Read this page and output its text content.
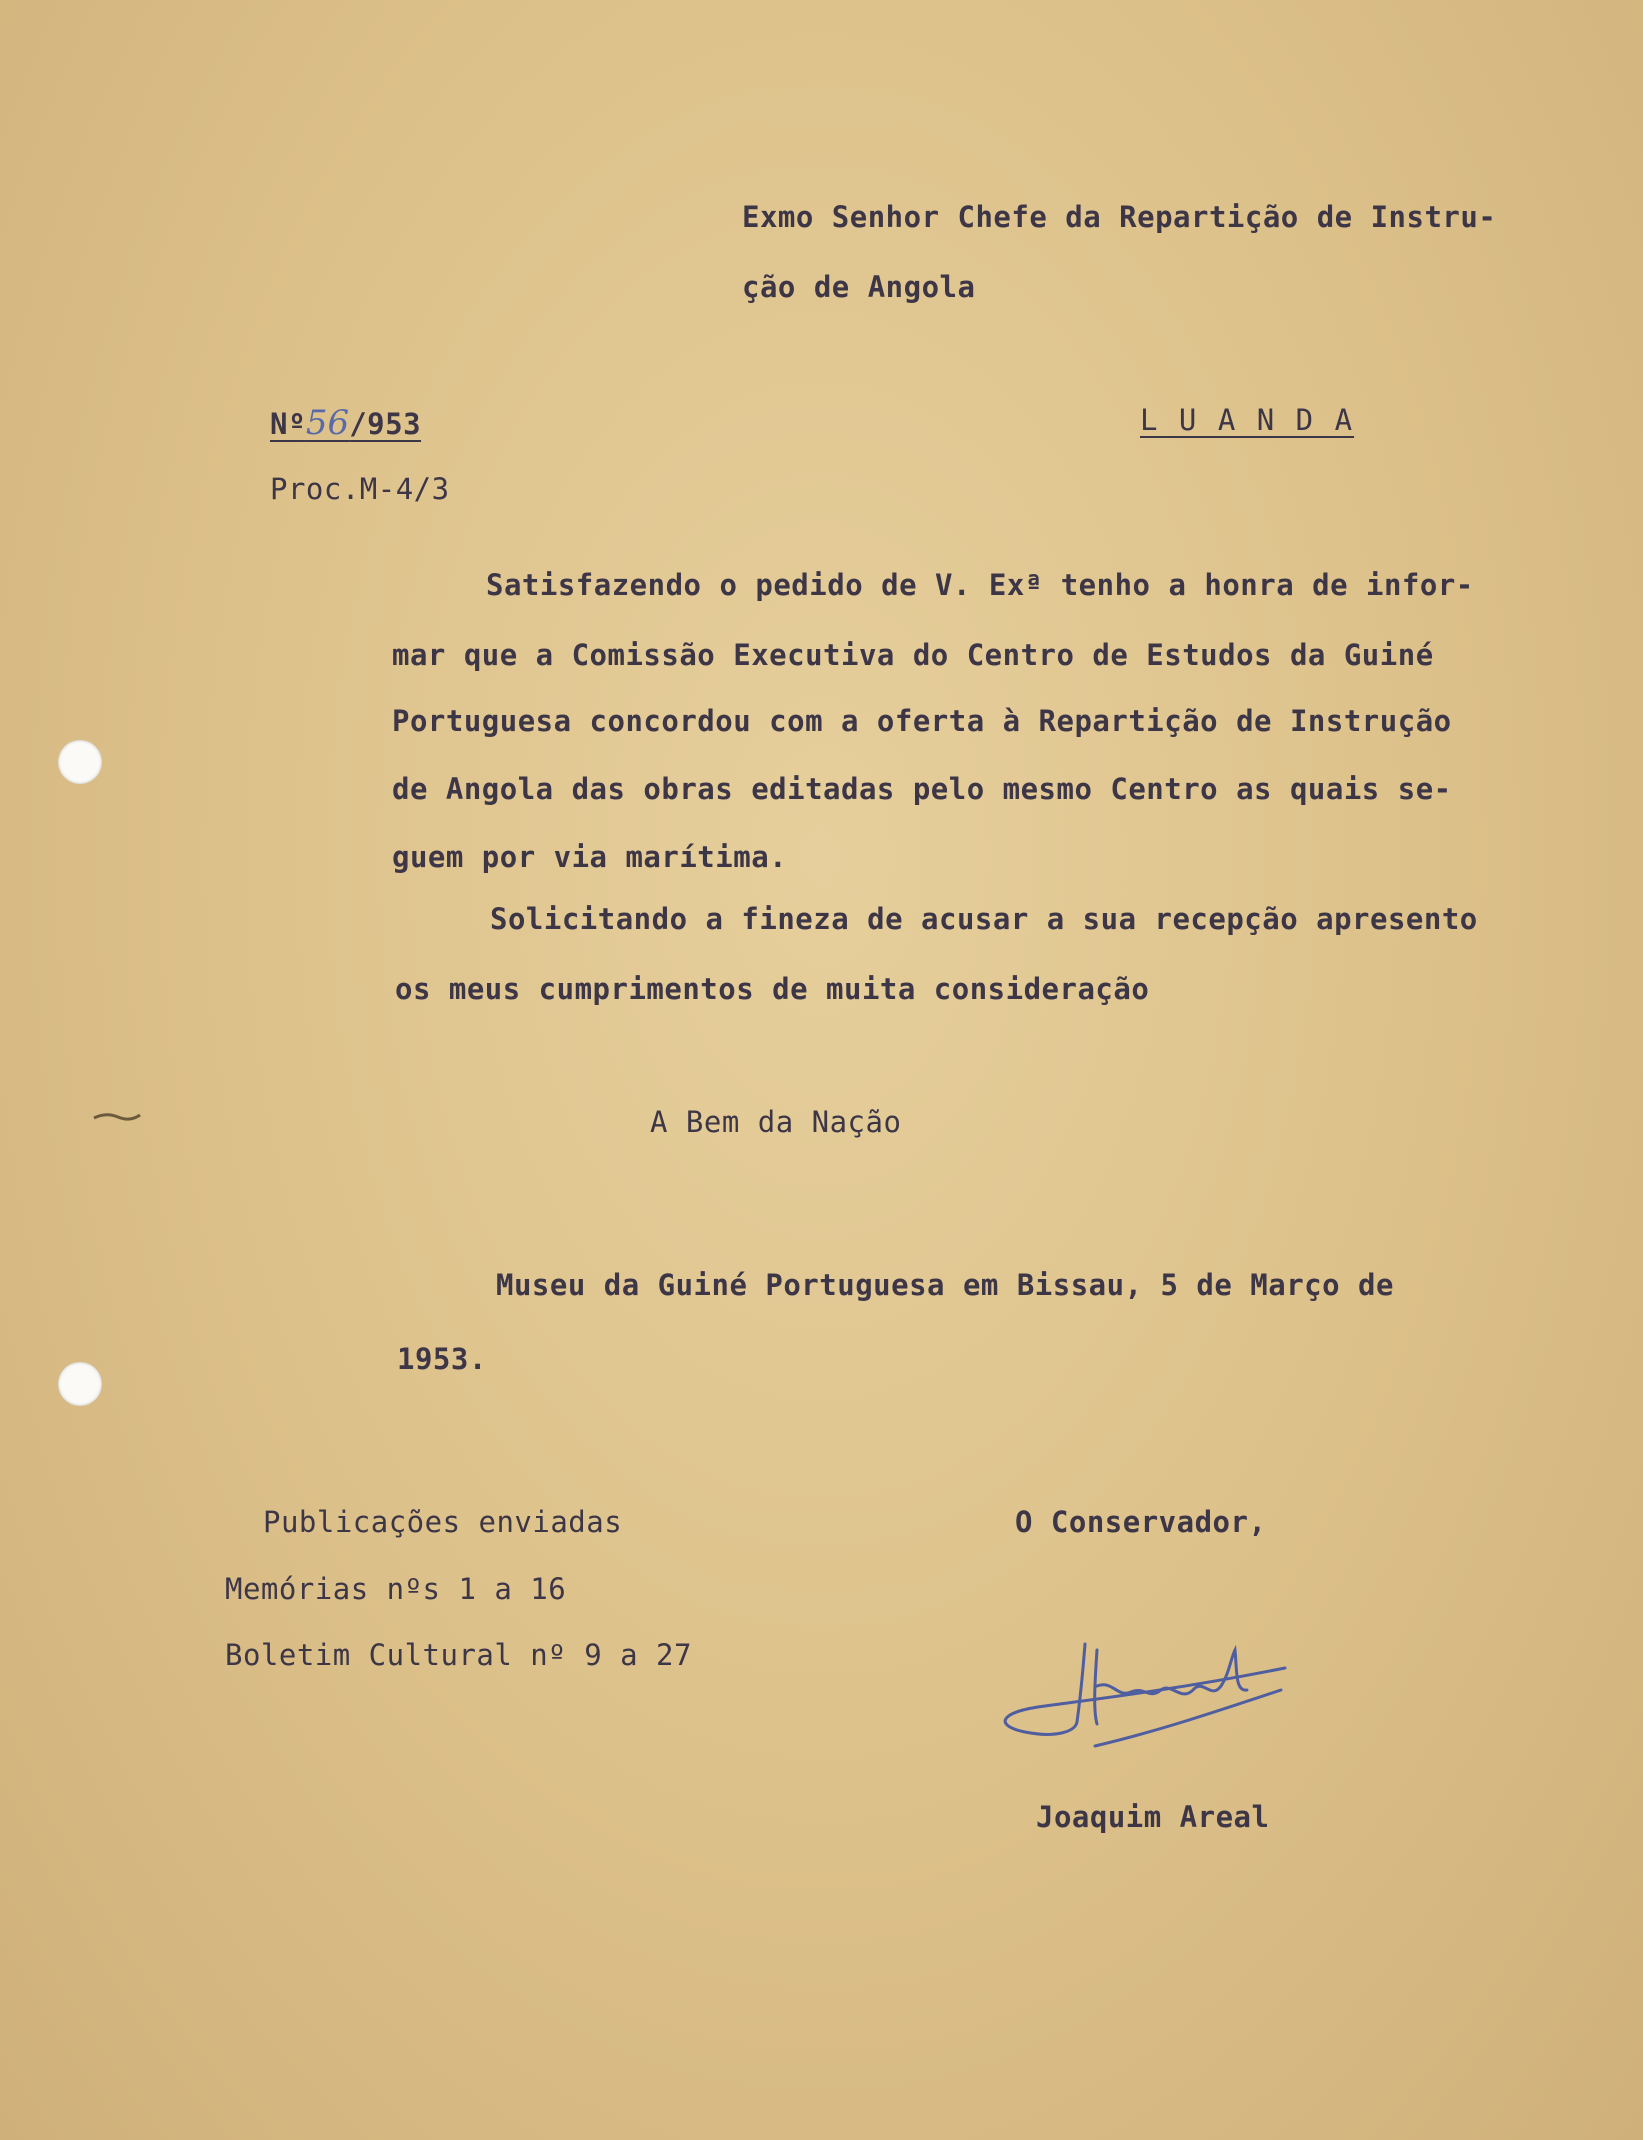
Exmo Senhor Chefe da Repartição de Instru-

ção de Angola

Nº56/953	L U A N D A

Proc.M-4/3

Satisfazendo o pedido de V. Exª tenho a honra de infor-

mar que a Comissão Executiva do Centro de Estudos da Guiné

Portuguesa concordou com a oferta à Repartição de Instrução

de Angola das obras editadas pelo mesmo Centro as quais se-

guem por via marítima.

Solicitando a fineza de acusar a sua recepção apresento

os meus cumprimentos de muita consideração

A Bem da Nação

Museu da Guiné Portuguesa em Bissau, 5 de Março de

1953.

Publicações enviadas

Memórias nºs 1 a 16

Boletim Cultural nº 9 a 27

O Conservador,

Joaquim Areal
